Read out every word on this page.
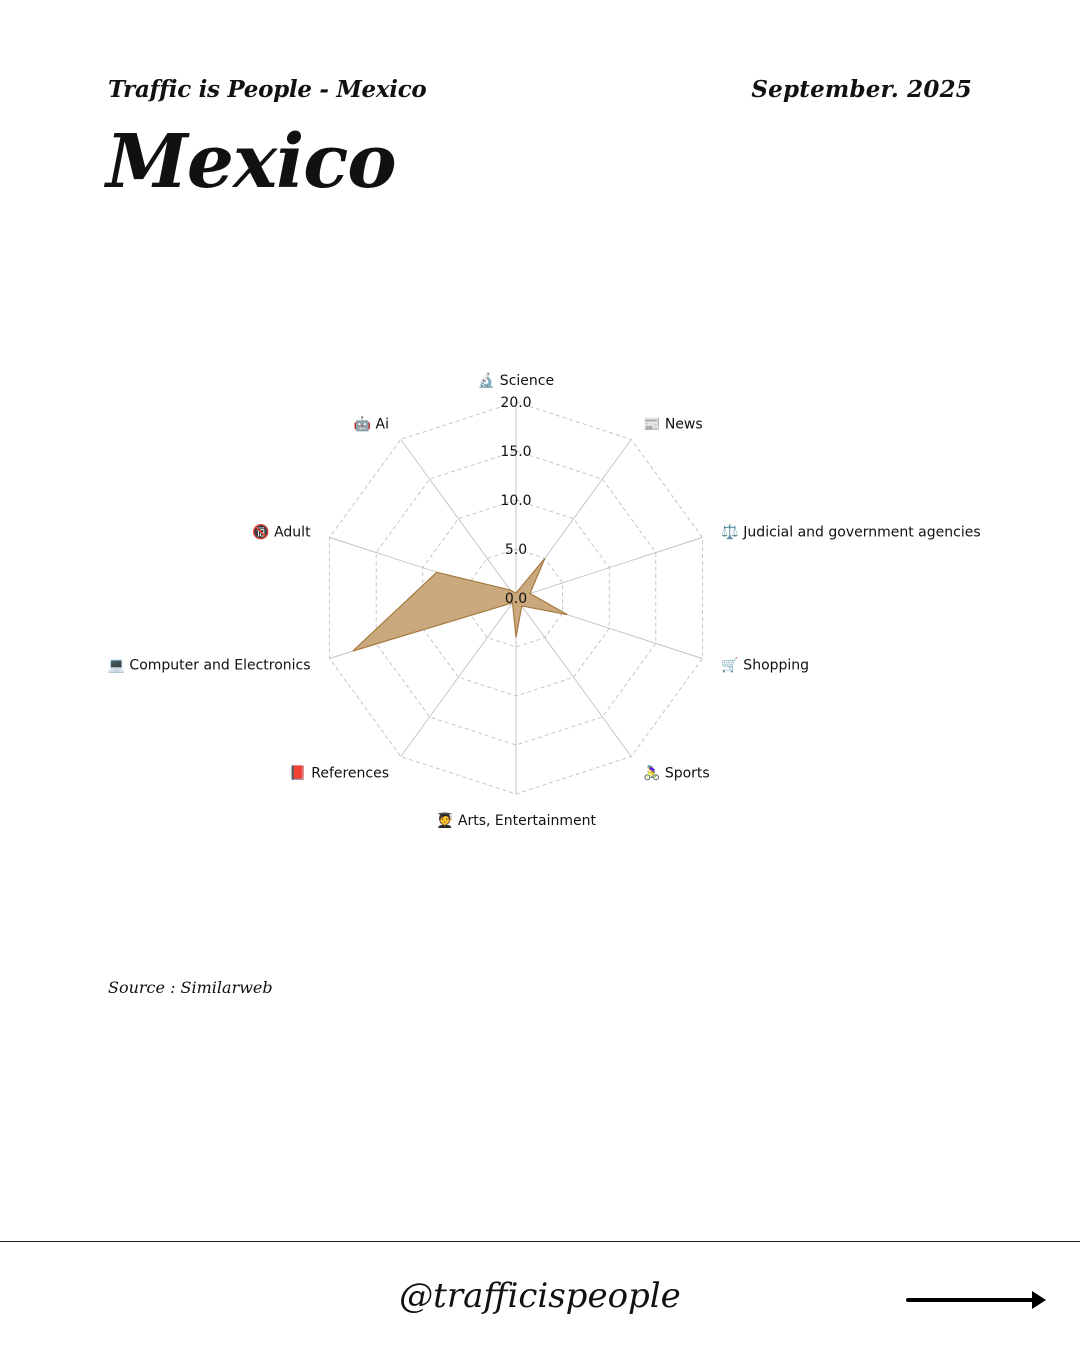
Traffic is People - Mexico	September. 2025
Mexico
0.0
5.0
10.0
15.0
20.0
🔬 Science
📰 News
⚖️ Judicial and government agencies
🛒 Shopping
🚴‍♀️ Sports
🧑‍🎓 Arts, Entertainment
📕 References
💻 Computer and Electronics
🔞 Adult
🤖 Ai
Source : Similarweb
@trafficispeople
